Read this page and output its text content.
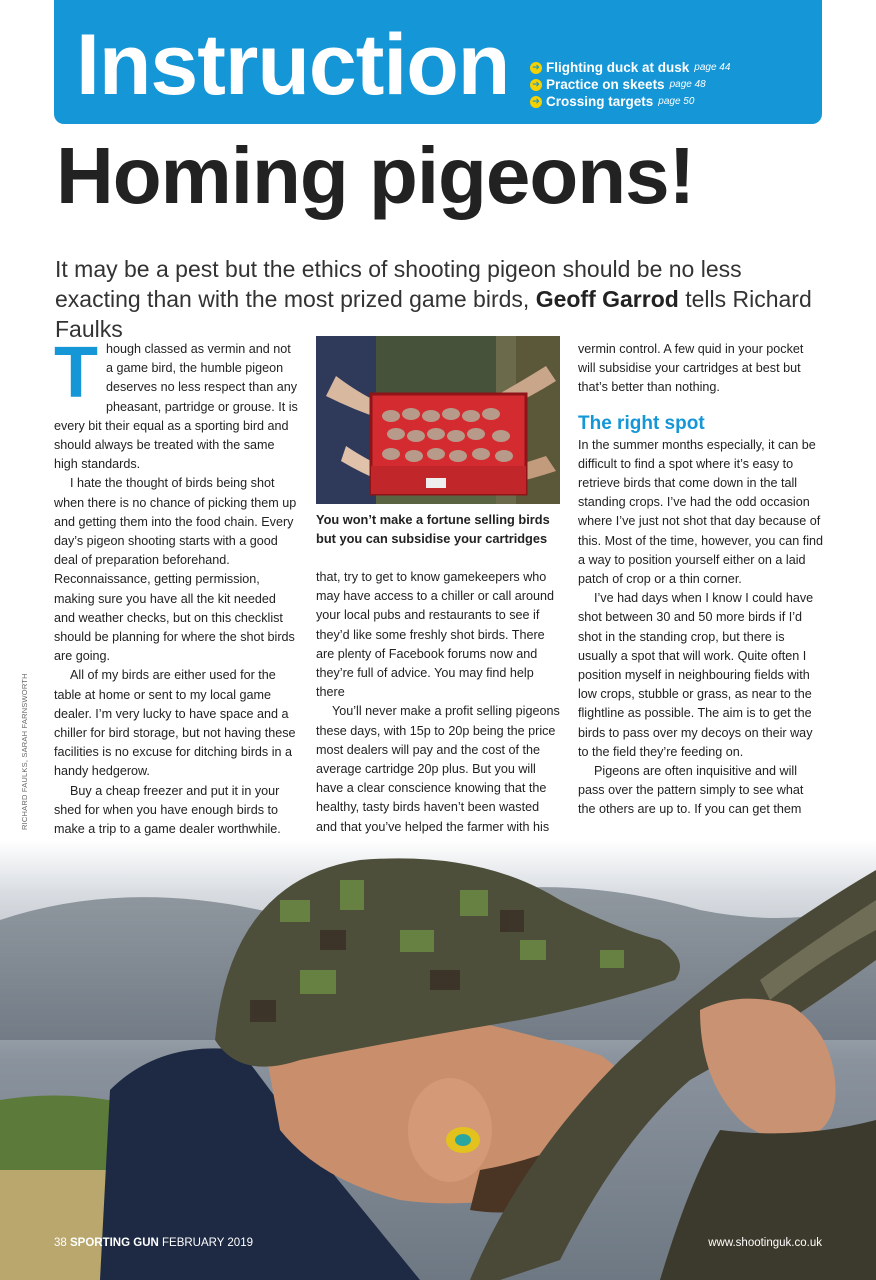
Instruction	➔ Flighting duck at dusk page 44
➔ Practice on skeets page 48
➔ Crossing targets page 50
Homing pigeons!
It may be a pest but the ethics of shooting pigeon should be no less exacting than with the most prized game birds, Geoff Garrod tells Richard Faulks
RICHARD FAULKS, SARAH FARNSWORTH

Though classed as vermin and not a game bird, the humble pigeon deserves no less respect than any pheasant, partridge or grouse. It is every bit their equal as a sporting bird and should always be treated with the same high standards.

I hate the thought of birds being shot when there is no chance of picking them up and getting them into the food chain. Every day’s pigeon shooting starts with a good deal of preparation beforehand. Reconnaissance, getting permission, making sure you have all the kit needed and weather checks, but on this checklist should be planning for where the shot birds are going.

All of my birds are either used for the table at home or sent to my local game dealer. I’m very lucky to have space and a chiller for bird storage, but not having these facilities is no excuse for ditching birds in a handy hedgerow.

Buy a cheap freezer and put it in your shed for when you have enough birds to make a trip to a game dealer worthwhile.

You won’t make a fortune selling birds but you can subsidise your cartridges

that, try to get to know gamekeepers who may have access to a chiller or call around your local pubs and restaurants to see if they’d like some freshly shot birds. There are plenty of Facebook forums now and they’re full of advice. You may find help there

You’ll never make a profit selling pigeons these days, with 15p to 20p being the price most dealers will pay and the cost of the average cartridge 20p plus. But you will have a clear conscience knowing that the healthy, tasty birds haven’t been wasted and that you’ve helped the farmer with his

vermin control. A few quid in your pocket will subsidise your cartridges at best but that’s better than nothing.

The right spot

In the summer months especially, it can be difficult to find a spot where it’s easy to retrieve birds that come down in the tall standing crops. I’ve had the odd occasion where I’ve just not shot that day because of this. Most of the time, however, you can find a way to position yourself either on a laid patch of crop or a thin corner.

I’ve had days when I know I could have shot between 30 and 50 more birds if I’d shot in the standing crop, but there is usually a spot that will work. Quite often I position myself in neighbouring fields with low crops, stubble or grass, as near to the flightline as possible. The aim is to get the birds to pass over my decoys on their way to the field they’re feeding on.

Pigeons are often inquisitive and will pass over the pattern simply to see what the others are up to. If you can get them

38 SPORTING GUN FEBRUARY 2019	www.shootinguk.co.uk
